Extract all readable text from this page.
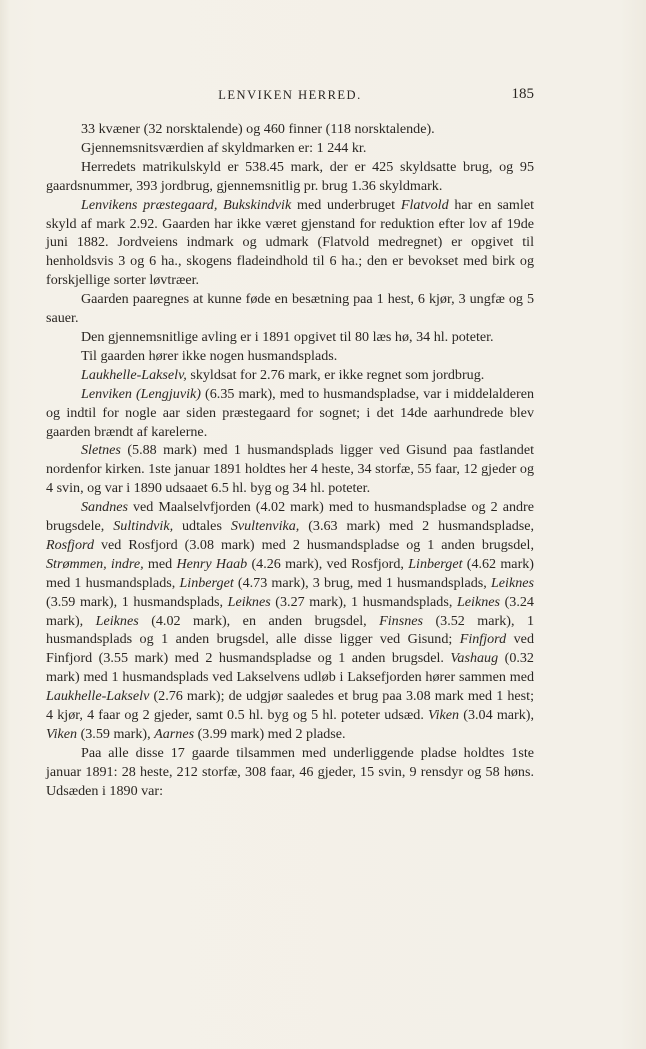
LENVIKEN HERRED.	185

33 kvæner (32 norsktalende) og 460 finner (118 norsktalende).

Gjennemsnitsværdien af skyldmarken er: 1 244 kr.

Herredets matrikulskyld er 538.45 mark, der er 425 skyldsatte brug, og 95 gaardsnummer, 393 jordbrug, gjennemsnitlig pr. brug 1.36 skyldmark.

Lenvikens præstegaard, Bukskindvik med underbruget Flatvold har en samlet skyld af mark 2.92. Gaarden har ikke været gjenstand for reduktion efter lov af 19de juni 1882. Jordveiens indmark og udmark (Flatvold medregnet) er opgivet til henholdsvis 3 og 6 ha., skogens fladeindhold til 6 ha.; den er bevokset med birk og forskjellige sorter løvtræer.

Gaarden paaregnes at kunne føde en besætning paa 1 hest, 6 kjør, 3 ungfæ og 5 sauer.

Den gjennemsnitlige avling er i 1891 opgivet til 80 læs hø, 34 hl. poteter.

Til gaarden hører ikke nogen husmandsplads.

Laukhelle-Lakselv, skyldsat for 2.76 mark, er ikke regnet som jordbrug.

Lenviken (Lengjuvik) (6.35 mark), med to husmandspladse, var i middelalderen og indtil for nogle aar siden præstegaard for sognet; i det 14de aarhundrede blev gaarden brændt af karelerne.

Sletnes (5.88 mark) med 1 husmandsplads ligger ved Gisund paa fastlandet nordenfor kirken. 1ste januar 1891 holdtes her 4 heste, 34 storfæ, 55 faar, 12 gjeder og 4 svin, og var i 1890 udsaaet 6.5 hl. byg og 34 hl. poteter.

Sandnes ved Maalselvfjorden (4.02 mark) med to husmandspladse og 2 andre brugsdele, Sultindvik, udtales Svultenvika, (3.63 mark) med 2 husmandspladse, Rosfjord ved Rosfjord (3.08 mark) med 2 husmandspladse og 1 anden brugsdel, Strømmen, indre, med Henry Haab (4.26 mark), ved Rosfjord, Linberget (4.62 mark) med 1 husmandsplads, Linberget (4.73 mark), 3 brug, med 1 husmandsplads, Leiknes (3.59 mark), 1 husmandsplads, Leiknes (3.27 mark), 1 husmandsplads, Leiknes (3.24 mark), Leiknes (4.02 mark), en anden brugsdel, Finsnes (3.52 mark), 1 husmandsplads og 1 anden brugsdel, alle disse ligger ved Gisund; Finfjord ved Finfjord (3.55 mark) med 2 husmandspladse og 1 anden brugsdel. Vashaug (0.32 mark) med 1 husmandsplads ved Lakselvens udløb i Laksefjorden hører sammen med Laukhelle-Lakselv (2.76 mark); de udgjør saaledes et brug paa 3.08 mark med 1 hest; 4 kjør, 4 faar og 2 gjeder, samt 0.5 hl. byg og 5 hl. poteter udsæd. Viken (3.04 mark), Viken (3.59 mark), Aarnes (3.99 mark) med 2 pladse.

Paa alle disse 17 gaarde tilsammen med underliggende pladse holdtes 1ste januar 1891: 28 heste, 212 storfæ, 308 faar, 46 gjeder, 15 svin, 9 rensdyr og 58 høns. Udsæden i 1890 var:
